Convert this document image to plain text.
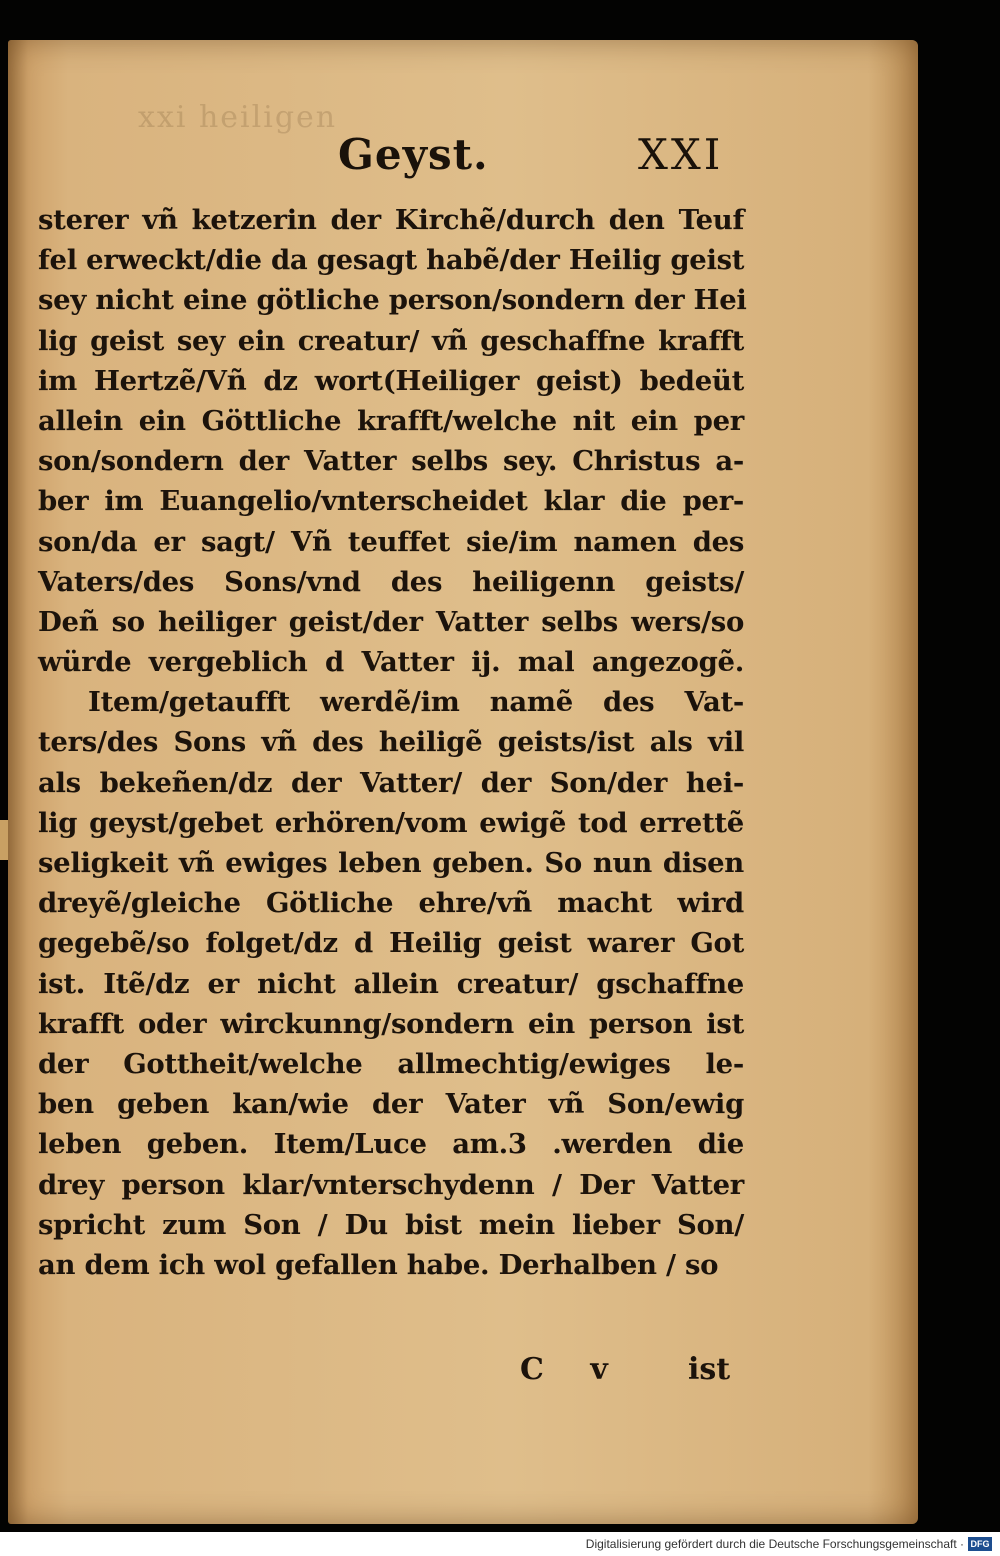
xxi heiligen
Geyst.	XXI
sterer vñ ketzerin der Kirchẽ/durch den Teuf
fel erweckt/die da gesagt habẽ/der Heilig geist
sey nicht eine götliche person/sondern der Hei
lig geist sey ein creatur/ vñ geschaffne krafft
im Hertzẽ/Vñ dz wort(Heiliger geist) bedeüt
allein ein Göttliche krafft/welche nit ein per
son/sondern der Vatter selbs sey. Christus a-
ber im Euangelio/vnterscheidet klar die per-
son/da er sagt/ Vñ teuffet sie/im namen des
Vaters/des Sons/vnd des heiligenn geists/
Deñ so heiliger geist/der Vatter selbs wers/so
würde vergeblich d Vatter ij. mal angezogẽ.
Item/getaufft werdẽ/im namẽ des Vat-
ters/des Sons vñ des heiligẽ geists/ist als vil
als bekeñen/dz der Vatter/ der Son/der hei-
lig geyst/gebet erhören/vom ewigẽ tod errettẽ
seligkeit vñ ewiges leben geben. So nun disen
dreyẽ/gleiche Götliche ehre/vñ macht wird
gegebẽ/so folget/dz d Heilig geist warer Got
ist. Itẽ/dz er nicht allein creatur/ gschaffne
krafft oder wirckunng/sondern ein person ist
der Gottheit/welche allmechtig/ewiges le-
ben geben kan/wie der Vater vñ Son/ewig
leben geben. Item/Luce am.3 .werden die
drey person klar/vnterschydenn / Der Vatter
spricht zum Son / Du bist mein lieber Son/
an dem ich wol gefallen habe. Derhalben / so
C v ist
Digitalisierung gefördert durch die Deutsche Forschungsgemeinschaft · DFG
